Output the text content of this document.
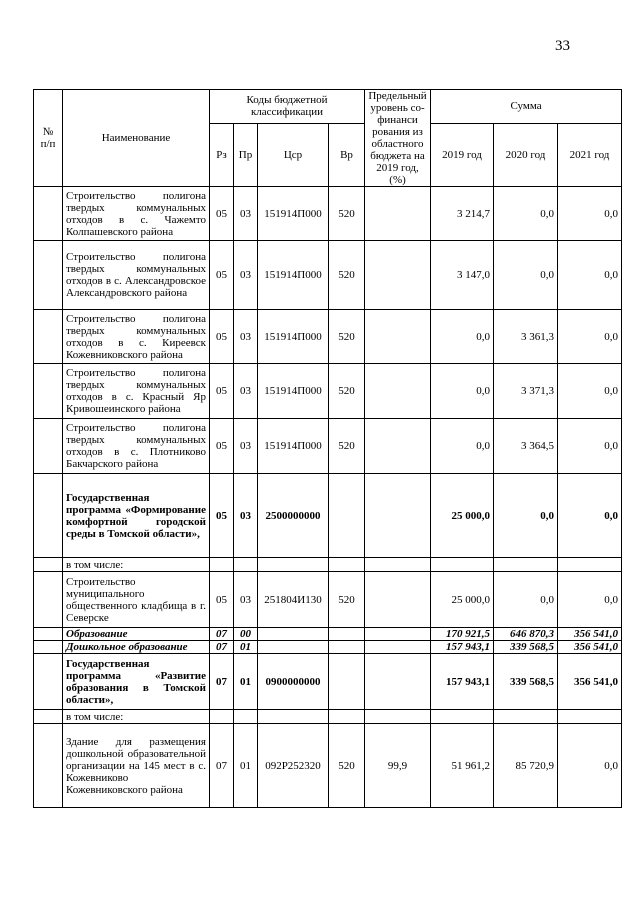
33
№ п/п	Наименование	Коды бюджетной классификации				Предельный уровень со-финанси рования из областного бюджета на 2019 год, (%)	Сумма		
		Рз	Пр	Цср	Вр		2019 год	2020 год	2021 год
	Строительство полигона твердых коммунальных отходов в с. Чажемто Колпашевского района	05	03	151914П000	520		3 214,7	0,0	0,0
	Строительство полигона твердых коммунальных отходов в с. Александровское Александровского района	05	03	151914П000	520		3 147,0	0,0	0,0
	Строительство полигона твердых коммунальных отходов в с. Киреевск Кожевниковского района	05	03	151914П000	520		0,0	3 361,3	0,0
	Строительство полигона твердых коммунальных отходов в с. Красный Яр Кривошеинского района	05	03	151914П000	520		0,0	3 371,3	0,0
	Строительство полигона твердых коммунальных отходов в с. Плотниково Бакчарского района	05	03	151914П000	520		0,0	3 364,5	0,0
	Государственная программа «Формирование комфортной городской среды в Томской области»,	05	03	2500000000			25 000,0	0,0	0,0
	в том числе:								
	Строительство муниципального общественного кладбища в г. Северске	05	03	251804И130	520		25 000,0	0,0	0,0
	Образование	07	00				170 921,5	646 870,3	356 541,0
	Дошкольное образование	07	01				157 943,1	339 568,5	356 541,0
	Государственная программа «Развитие образования в Томской области»,	07	01	0900000000			157 943,1	339 568,5	356 541,0
	в том числе:								
	Здание для размещения дошкольной образовательной организации на 145 мест в с. Кожевниково Кожевниковского района	07	01	092P252320	520	99,9	51 961,2	85 720,9	0,0
